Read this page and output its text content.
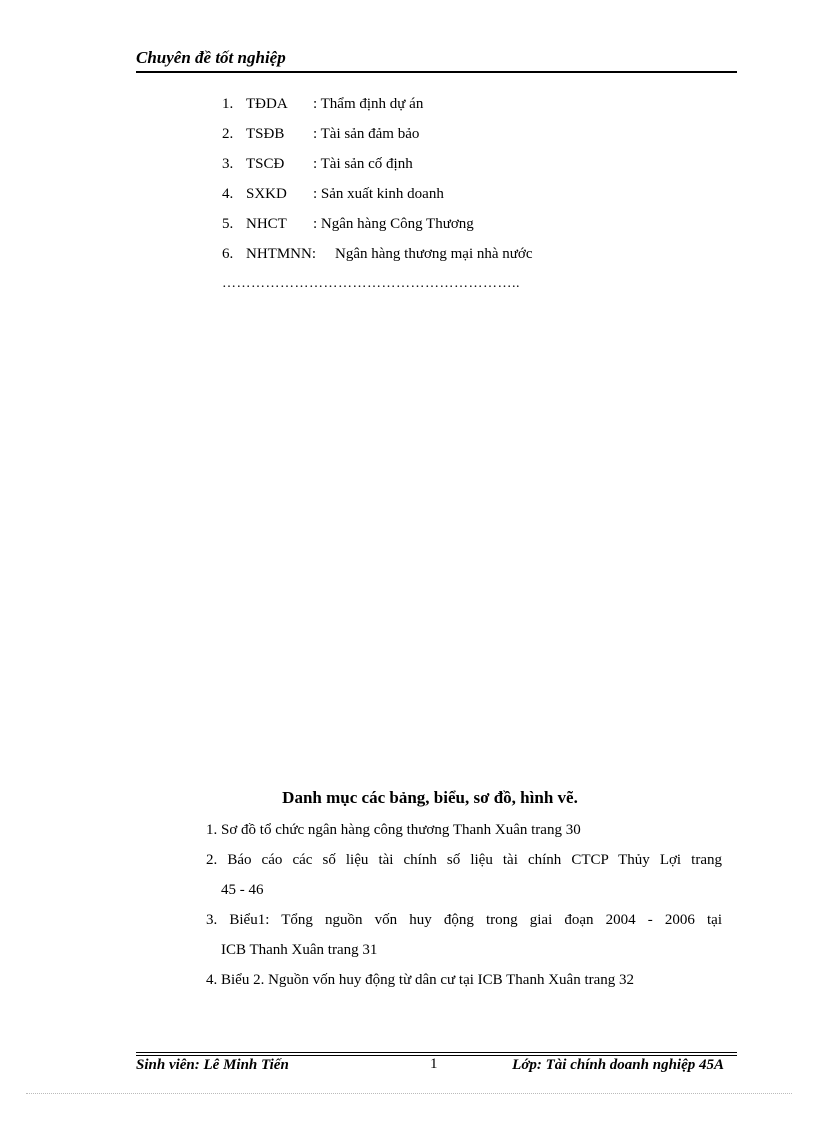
Chuyên đề tốt nghiệp
1. TĐDA : Thẩm định dự án
2. TSĐB : Tài sản đảm bảo
3. TSCĐ : Tài sản cố định
4. SXKD : Sản xuất kinh doanh
5. NHCT : Ngân hàng Công Thương
6. NHTMNN: Ngân hàng thương mại nhà nước
……………………………………………………..
Danh mục các bảng, biểu, sơ đồ, hình vẽ.
1. Sơ đồ tổ chức ngân hàng công thương Thanh Xuân trang 30
2. Báo cáo các số liệu tài chính số liệu tài chính CTCP Thủy Lợi trang
45 - 46
3. Biểu1: Tổng nguồn vốn huy động trong giai đoạn 2004 - 2006 tại
ICB Thanh Xuân trang 31
4. Biểu 2. Nguồn vốn huy động từ dân cư tại ICB Thanh Xuân trang 32
Sinh viên: Lê Minh Tiến	1	Lớp: Tài chính doanh nghiệp 45A
